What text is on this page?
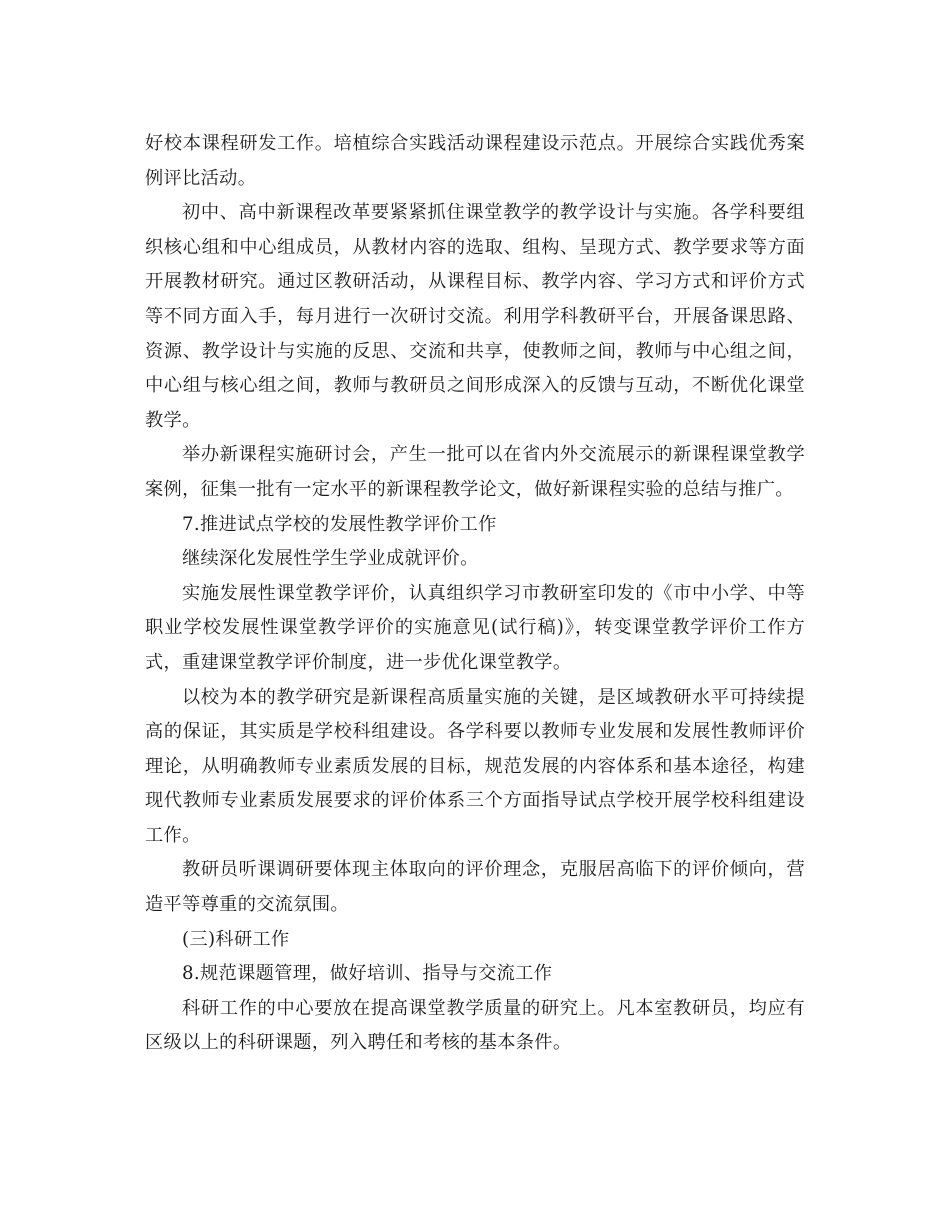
好校本课程研发工作。培植综合实践活动课程建设示范点。开展综合实践优秀案例评比活动。

初中、高中新课程改革要紧紧抓住课堂教学的教学设计与实施。各学科要组织核心组和中心组成员，从教材内容的选取、组构、呈现方式、教学要求等方面开展教材研究。通过区教研活动，从课程目标、教学内容、学习方式和评价方式等不同方面入手，每月进行一次研讨交流。利用学科教研平台，开展备课思路、资源、教学设计与实施的反思、交流和共享，使教师之间，教师与中心组之间，中心组与核心组之间，教师与教研员之间形成深入的反馈与互动，不断优化课堂教学。

举办新课程实施研讨会，产生一批可以在省内外交流展示的新课程课堂教学案例，征集一批有一定水平的新课程教学论文，做好新课程实验的总结与推广。

7.推进试点学校的发展性教学评价工作

继续深化发展性学生学业成就评价。

实施发展性课堂教学评价，认真组织学习市教研室印发的《市中小学、中等职业学校发展性课堂教学评价的实施意见(试行稿)》，转变课堂教学评价工作方式，重建课堂教学评价制度，进一步优化课堂教学。

以校为本的教学研究是新课程高质量实施的关键，是区域教研水平可持续提高的保证，其实质是学校科组建设。各学科要以教师专业发展和发展性教师评价理论，从明确教师专业素质发展的目标，规范发展的内容体系和基本途径，构建现代教师专业素质发展要求的评价体系三个方面指导试点学校开展学校科组建设工作。

教研员听课调研要体现主体取向的评价理念，克服居高临下的评价倾向，营造平等尊重的交流氛围。

(三)科研工作

8.规范课题管理，做好培训、指导与交流工作

科研工作的中心要放在提高课堂教学质量的研究上。凡本室教研员，均应有区级以上的科研课题，列入聘任和考核的基本条件。
